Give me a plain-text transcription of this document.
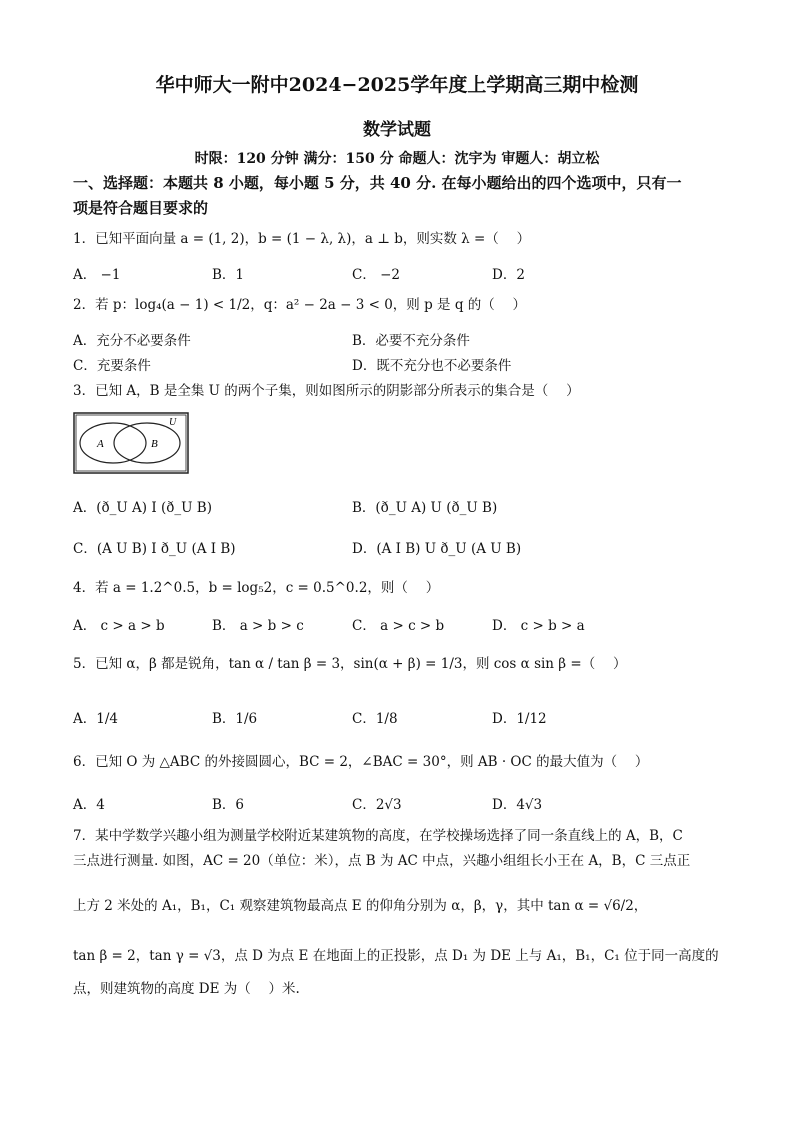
华中师大一附中2024−2025学年度上学期高三期中检测
数学试题
时限：120 分钟 满分：150 分 命题人：沈宇为 审题人：胡立松
一、选择题：本题共 8 小题，每小题 5 分，共 40 分. 在每小题给出的四个选项中，只有一
项是符合题目要求的
1．已知平面向量 a = (1, 2)，b = (1 − λ, λ)，a ⊥ b，则实数 λ =（　 ）
A． −1	B．1	C． −2	D．2
2．若 p：log₄(a − 1) < 1/2，q：a² − 2a − 3 < 0，则 p 是 q 的（　 ）
A．充分不必要条件	B．必要不充分条件
C．充要条件	D．既不充分也不必要条件
3．已知 A，B 是全集 U 的两个子集，则如图所示的阴影部分所表示的集合是（　 ）
A	B
U
A．(ð_U A) I (ð_U B)	B．(ð_U A) U (ð_U B)
C．(A U B) I ð_U (A I B)	D．(A I B) U ð_U (A U B)
4．若 a = 1.2^0.5，b = log₅2，c = 0.5^0.2，则（　 ）
A． c > a > b	B． a > b > c	C． a > c > b	D． c > b > a
5．已知 α，β 都是锐角，tan α / tan β = 3，sin(α + β) = 1/3，则 cos α sin β =（　 ）
A．1/4	B．1/6	C．1/8	D．1/12
6．已知 O 为 △ABC 的外接圆圆心，BC = 2，∠BAC = 30°，则 AB · OC 的最大值为（　 ）
A．4	B．6	C．2√3	D．4√3
7．某中学数学兴趣小组为测量学校附近某建筑物的高度，在学校操场选择了同一条直线上的 A，B，C
三点进行测量. 如图，AC = 20（单位：米），点 B 为 AC 中点，兴趣小组组长小王在 A，B，C 三点正
上方 2 米处的 A₁，B₁，C₁ 观察建筑物最高点 E 的仰角分别为 α，β，γ，其中 tan α = √6/2，
tan β = 2，tan γ = √3，点 D 为点 E 在地面上的正投影，点 D₁ 为 DE 上与 A₁，B₁，C₁ 位于同一高度的
点，则建筑物的高度 DE 为（　 ）米.
